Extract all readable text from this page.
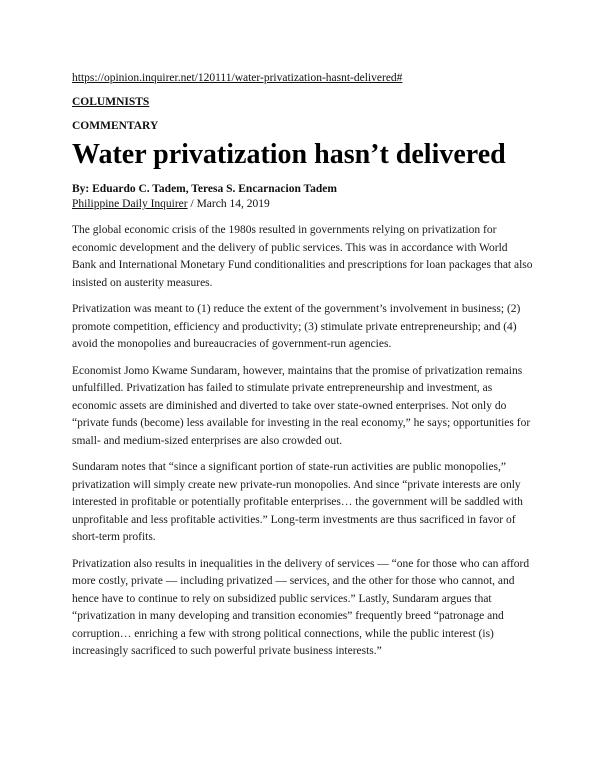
https://opinion.inquirer.net/120111/water-privatization-hasnt-delivered#
COLUMNISTS
COMMENTARY
Water privatization hasn’t delivered
By: Eduardo C. Tadem, Teresa S. Encarnacion Tadem
Philippine Daily Inquirer / March 14, 2019

The global economic crisis of the 1980s resulted in governments relying on privatization for economic development and the delivery of public services. This was in accordance with World Bank and International Monetary Fund conditionalities and prescriptions for loan packages that also insisted on austerity measures.

Privatization was meant to (1) reduce the extent of the government’s involvement in business; (2) promote competition, efficiency and productivity; (3) stimulate private entrepreneurship; and (4) avoid the monopolies and bureaucracies of government-run agencies.

Economist Jomo Kwame Sundaram, however, maintains that the promise of privatization remains unfulfilled. Privatization has failed to stimulate private entrepreneurship and investment, as economic assets are diminished and diverted to take over state-owned enterprises. Not only do “private funds (become) less available for investing in the real economy,” he says; opportunities for small- and medium-sized enterprises are also crowded out.

Sundaram notes that “since a significant portion of state-run activities are public monopolies,” privatization will simply create new private-run monopolies. And since “private interests are only interested in profitable or potentially profitable enterprises… the government will be saddled with unprofitable and less profitable activities.” Long-term investments are thus sacrificed in favor of short-term profits.

Privatization also results in inequalities in the delivery of services — “one for those who can afford more costly, private — including privatized — services, and the other for those who cannot, and hence have to continue to rely on subsidized public services.” Lastly, Sundaram argues that “privatization in many developing and transition economies” frequently breed “patronage and corruption… enriching a few with strong political connections, while the public interest (is) increasingly sacrificed to such powerful private business interests.”
